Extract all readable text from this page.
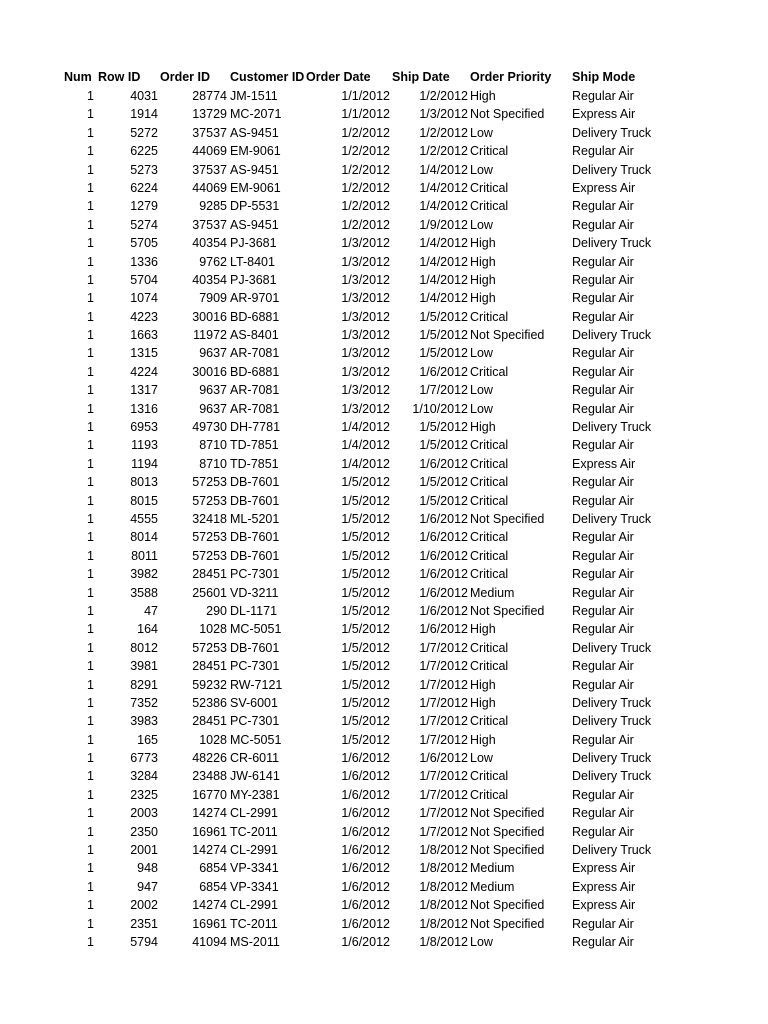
Num Row ID	Order ID	Customer ID Order Date	Ship Date	Order Priority	Ship Mode
1	4031	28774 JM-1511	1/1/2012	1/2/2012 High	Regular Air
1	1914	13729 MC-2071	1/1/2012	1/3/2012 Not Specified	Express Air
1	5272	37537 AS-9451	1/2/2012	1/2/2012 Low	Delivery Truck
1	6225	44069 EM-9061	1/2/2012	1/2/2012 Critical	Regular Air
1	5273	37537 AS-9451	1/2/2012	1/4/2012 Low	Delivery Truck
1	6224	44069 EM-9061	1/2/2012	1/4/2012 Critical	Express Air
1	1279	9285 DP-5531	1/2/2012	1/4/2012 Critical	Regular Air
1	5274	37537 AS-9451	1/2/2012	1/9/2012 Low	Regular Air
1	5705	40354 PJ-3681	1/3/2012	1/4/2012 High	Delivery Truck
1	1336	9762 LT-8401	1/3/2012	1/4/2012 High	Regular Air
1	5704	40354 PJ-3681	1/3/2012	1/4/2012 High	Regular Air
1	1074	7909 AR-9701	1/3/2012	1/4/2012 High	Regular Air
1	4223	30016 BD-6881	1/3/2012	1/5/2012 Critical	Regular Air
1	1663	11972 AS-8401	1/3/2012	1/5/2012 Not Specified	Delivery Truck
1	1315	9637 AR-7081	1/3/2012	1/5/2012 Low	Regular Air
1	4224	30016 BD-6881	1/3/2012	1/6/2012 Critical	Regular Air
1	1317	9637 AR-7081	1/3/2012	1/7/2012 Low	Regular Air
1	1316	9637 AR-7081	1/3/2012	1/10/2012 Low	Regular Air
1	6953	49730 DH-7781	1/4/2012	1/5/2012 High	Delivery Truck
1	1193	8710 TD-7851	1/4/2012	1/5/2012 Critical	Regular Air
1	1194	8710 TD-7851	1/4/2012	1/6/2012 Critical	Express Air
1	8013	57253 DB-7601	1/5/2012	1/5/2012 Critical	Regular Air
1	8015	57253 DB-7601	1/5/2012	1/5/2012 Critical	Regular Air
1	4555	32418 ML-5201	1/5/2012	1/6/2012 Not Specified	Delivery Truck
1	8014	57253 DB-7601	1/5/2012	1/6/2012 Critical	Regular Air
1	8011	57253 DB-7601	1/5/2012	1/6/2012 Critical	Regular Air
1	3982	28451 PC-7301	1/5/2012	1/6/2012 Critical	Regular Air
1	3588	25601 VD-3211	1/5/2012	1/6/2012 Medium	Regular Air
1	47	290 DL-1171	1/5/2012	1/6/2012 Not Specified	Regular Air
1	164	1028 MC-5051	1/5/2012	1/6/2012 High	Regular Air
1	8012	57253 DB-7601	1/5/2012	1/7/2012 Critical	Delivery Truck
1	3981	28451 PC-7301	1/5/2012	1/7/2012 Critical	Regular Air
1	8291	59232 RW-7121	1/5/2012	1/7/2012 High	Regular Air
1	7352	52386 SV-6001	1/5/2012	1/7/2012 High	Delivery Truck
1	3983	28451 PC-7301	1/5/2012	1/7/2012 Critical	Delivery Truck
1	165	1028 MC-5051	1/5/2012	1/7/2012 High	Regular Air
1	6773	48226 CR-6011	1/6/2012	1/6/2012 Low	Delivery Truck
1	3284	23488 JW-6141	1/6/2012	1/7/2012 Critical	Delivery Truck
1	2325	16770 MY-2381	1/6/2012	1/7/2012 Critical	Regular Air
1	2003	14274 CL-2991	1/6/2012	1/7/2012 Not Specified	Regular Air
1	2350	16961 TC-2011	1/6/2012	1/7/2012 Not Specified	Regular Air
1	2001	14274 CL-2991	1/6/2012	1/8/2012 Not Specified	Delivery Truck
1	948	6854 VP-3341	1/6/2012	1/8/2012 Medium	Express Air
1	947	6854 VP-3341	1/6/2012	1/8/2012 Medium	Express Air
1	2002	14274 CL-2991	1/6/2012	1/8/2012 Not Specified	Express Air
1	2351	16961 TC-2011	1/6/2012	1/8/2012 Not Specified	Regular Air
1	5794	41094 MS-2011	1/6/2012	1/8/2012 Low	Regular Air
